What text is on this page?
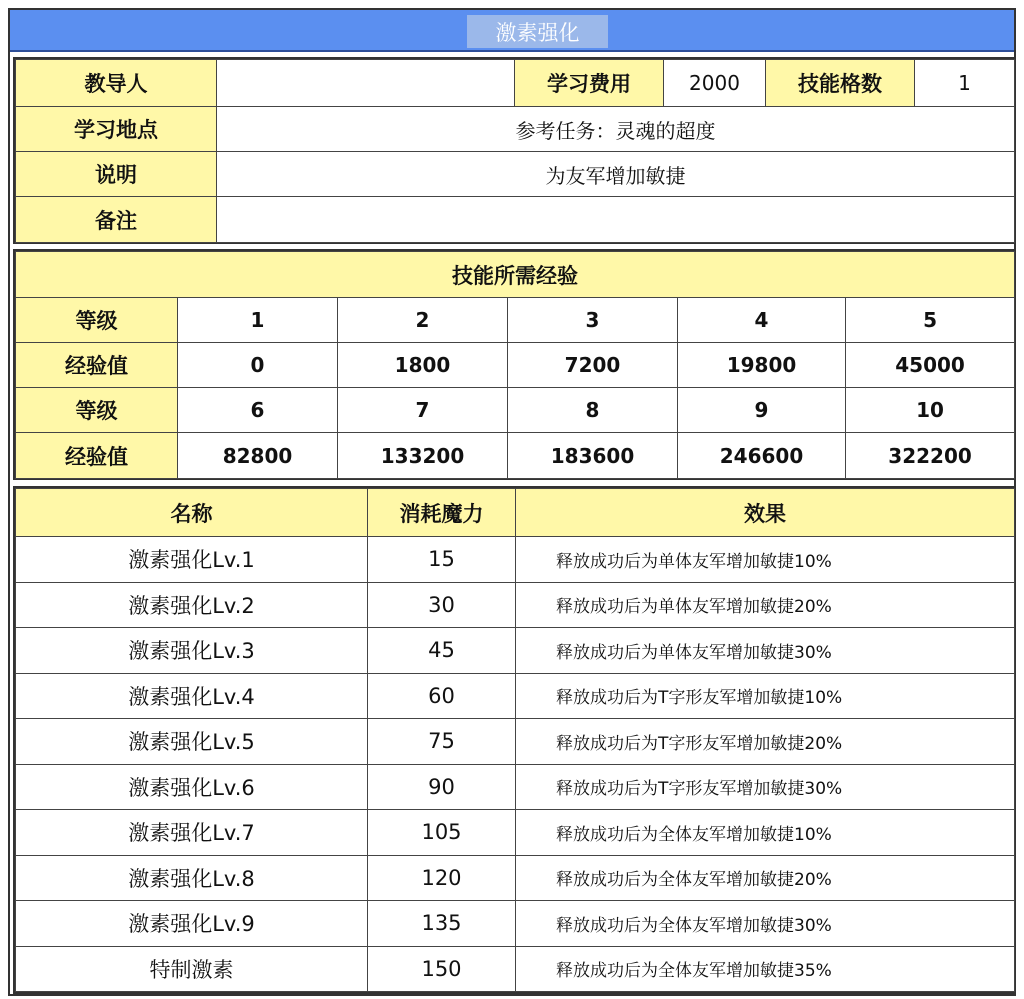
激素强化
教导人		学习费用	2000	技能格数	1
学习地点	参考任务：灵魂的超度				
说明	为友军增加敏捷				
备注					
技能所需经验					
等级	1	2	3	4	5
经验值	0	1800	7200	19800	45000
等级	6	7	8	9	10
经验值	82800	133200	183600	246600	322200
名称	消耗魔力	效果
激素强化Lv.1	15	释放成功后为单体友军增加敏捷10%
激素强化Lv.2	30	释放成功后为单体友军增加敏捷20%
激素强化Lv.3	45	释放成功后为单体友军增加敏捷30%
激素强化Lv.4	60	释放成功后为T字形友军增加敏捷10%
激素强化Lv.5	75	释放成功后为T字形友军增加敏捷20%
激素强化Lv.6	90	释放成功后为T字形友军增加敏捷30%
激素强化Lv.7	105	释放成功后为全体友军增加敏捷10%
激素强化Lv.8	120	释放成功后为全体友军增加敏捷20%
激素强化Lv.9	135	释放成功后为全体友军增加敏捷30%
特制激素	150	释放成功后为全体友军增加敏捷35%
